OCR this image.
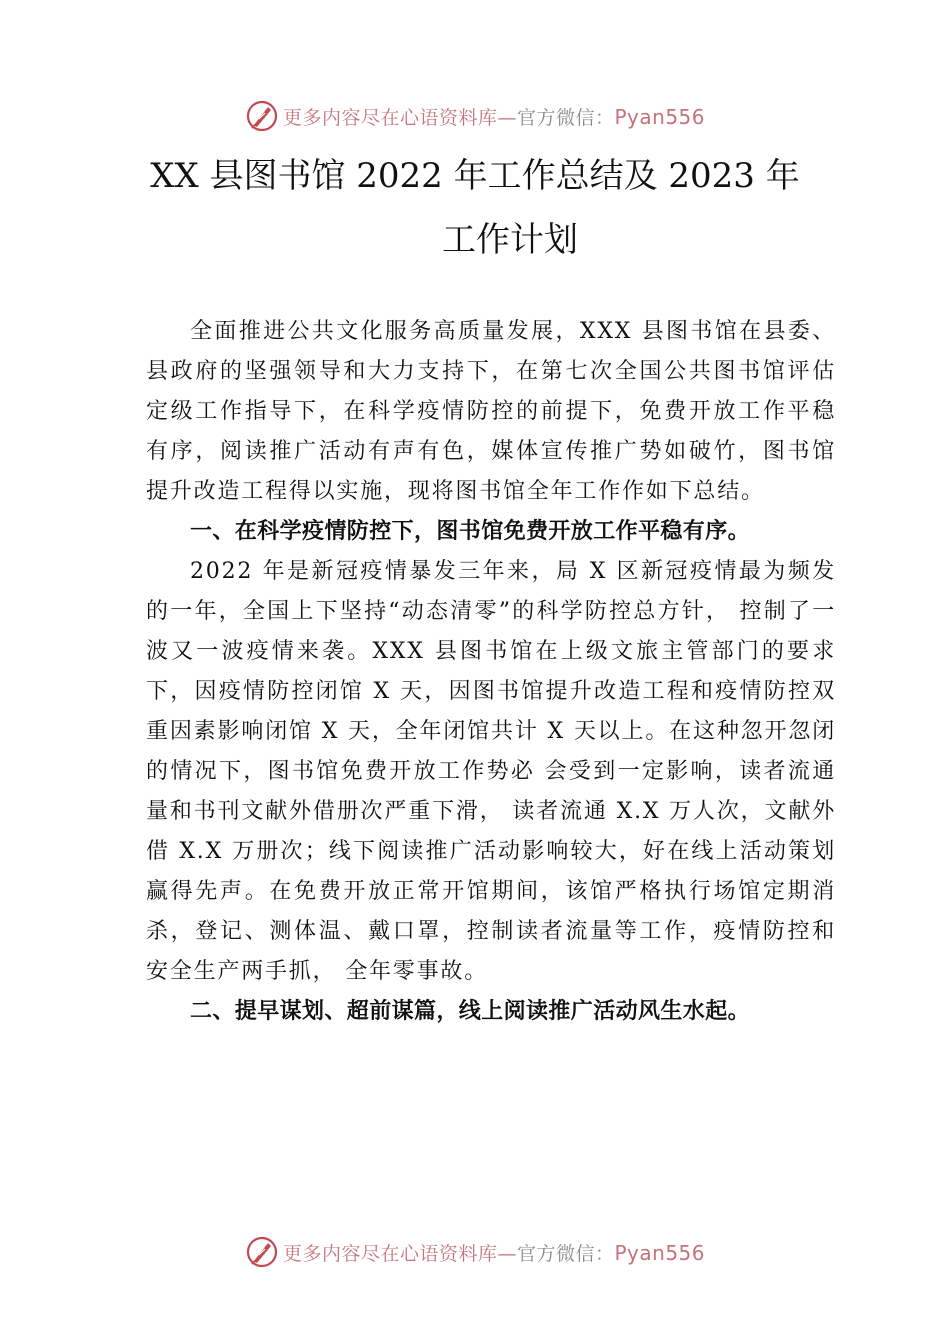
更多内容尽在心语资料库—官方微信：Pyan556
XX 县图书馆 2022 年工作总结及 2023 年
工作计划

全面推进公共文化服务高质量发展，XXX 县图书馆在县委、县政府的坚强领导和大力支持下，在第七次全国公共图书馆评估定级工作指导下，在科学疫情防控的前提下，免费开放工作平稳有序，阅读推广活动有声有色，媒体宣传推广势如破竹，图书馆提升改造工程得以实施，现将图书馆全年工作作如下总结。

一、在科学疫情防控下，图书馆免费开放工作平稳有序。

2022 年是新冠疫情暴发三年来，局 X 区新冠疫情最为频发的一年，全国上下坚持“动态清零”的科学防控总方针， 控制了一波又一波疫情来袭。XXX 县图书馆在上级文旅主管部门的要求下，因疫情防控闭馆 X 天，因图书馆提升改造工程和疫情防控双重因素影响闭馆 X 天，全年闭馆共计 X 天以上。在这种忽开忽闭的情况下，图书馆免费开放工作势必 会受到一定影响，读者流通量和书刊文献外借册次严重下滑， 读者流通 X.X 万人次，文献外借 X.X 万册次；线下阅读推广活动影响较大，好在线上活动策划赢得先声。在免费开放正常开馆期间，该馆严格执行场馆定期消杀，登记、测体温、戴口罩，控制读者流量等工作，疫情防控和安全生产两手抓， 全年零事故。

二、提早谋划、超前谋篇，线上阅读推广活动风生水起。

更多内容尽在心语资料库—官方微信：Pyan556
